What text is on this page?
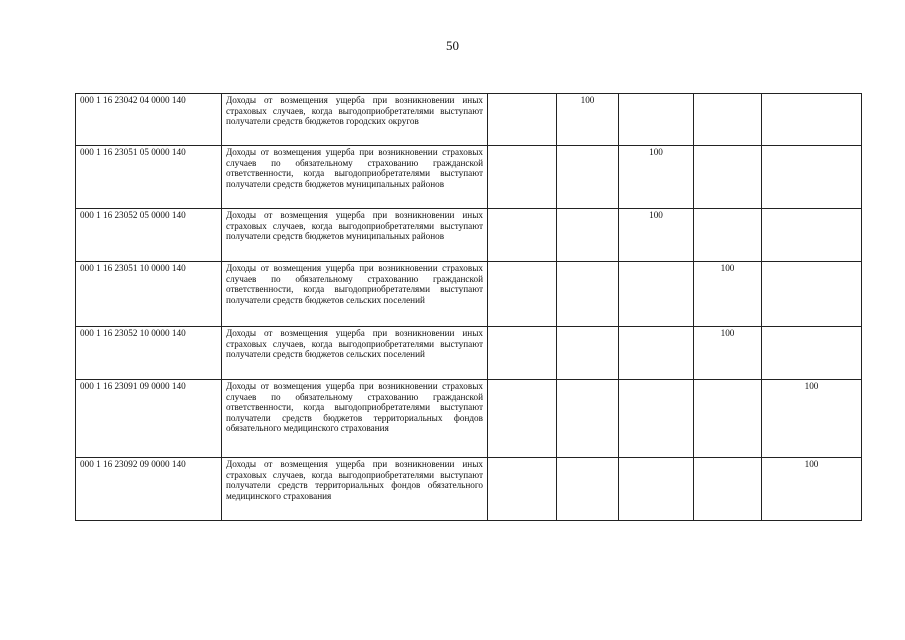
50
000 1 16 23042 04 0000 140	Доходы от возмещения ущерба при возникновении иных страховых случаев, когда выгодоприобретателями выступают получатели средств бюджетов городских округов		100			
000 1 16 23051 05 0000 140	Доходы от возмещения ущерба при возникновении страховых случаев по обязательному страхованию гражданской ответственности, когда выгодоприобретателями выступают получатели средств бюджетов муниципальных районов			100		
000 1 16 23052 05 0000 140	Доходы от возмещения ущерба при возникновении иных страховых случаев, когда выгодоприобретателями выступают получатели средств бюджетов муниципальных районов			100		
000 1 16 23051 10 0000 140	Доходы от возмещения ущерба при возникновении страховых случаев по обязательному страхованию гражданской ответственности, когда выгодоприобретателями выступают получатели средств бюджетов сельских поселений				100	
000 1 16 23052 10 0000 140	Доходы от возмещения ущерба при возникновении иных страховых случаев, когда выгодоприобретателями выступают получатели средств бюджетов сельских поселений				100	
000 1 16 23091 09 0000 140	Доходы от возмещения ущерба при возникновении страховых случаев по обязательному страхованию гражданской ответственности, когда выгодоприобретателями выступают получатели средств бюджетов территориальных фондов обязательного медицинского страхования					100
000 1 16 23092 09 0000 140	Доходы от возмещения ущерба при возникновении иных страховых случаев, когда выгодоприобретателями выступают получатели средств территориальных фондов обязательного медицинского страхования					100
